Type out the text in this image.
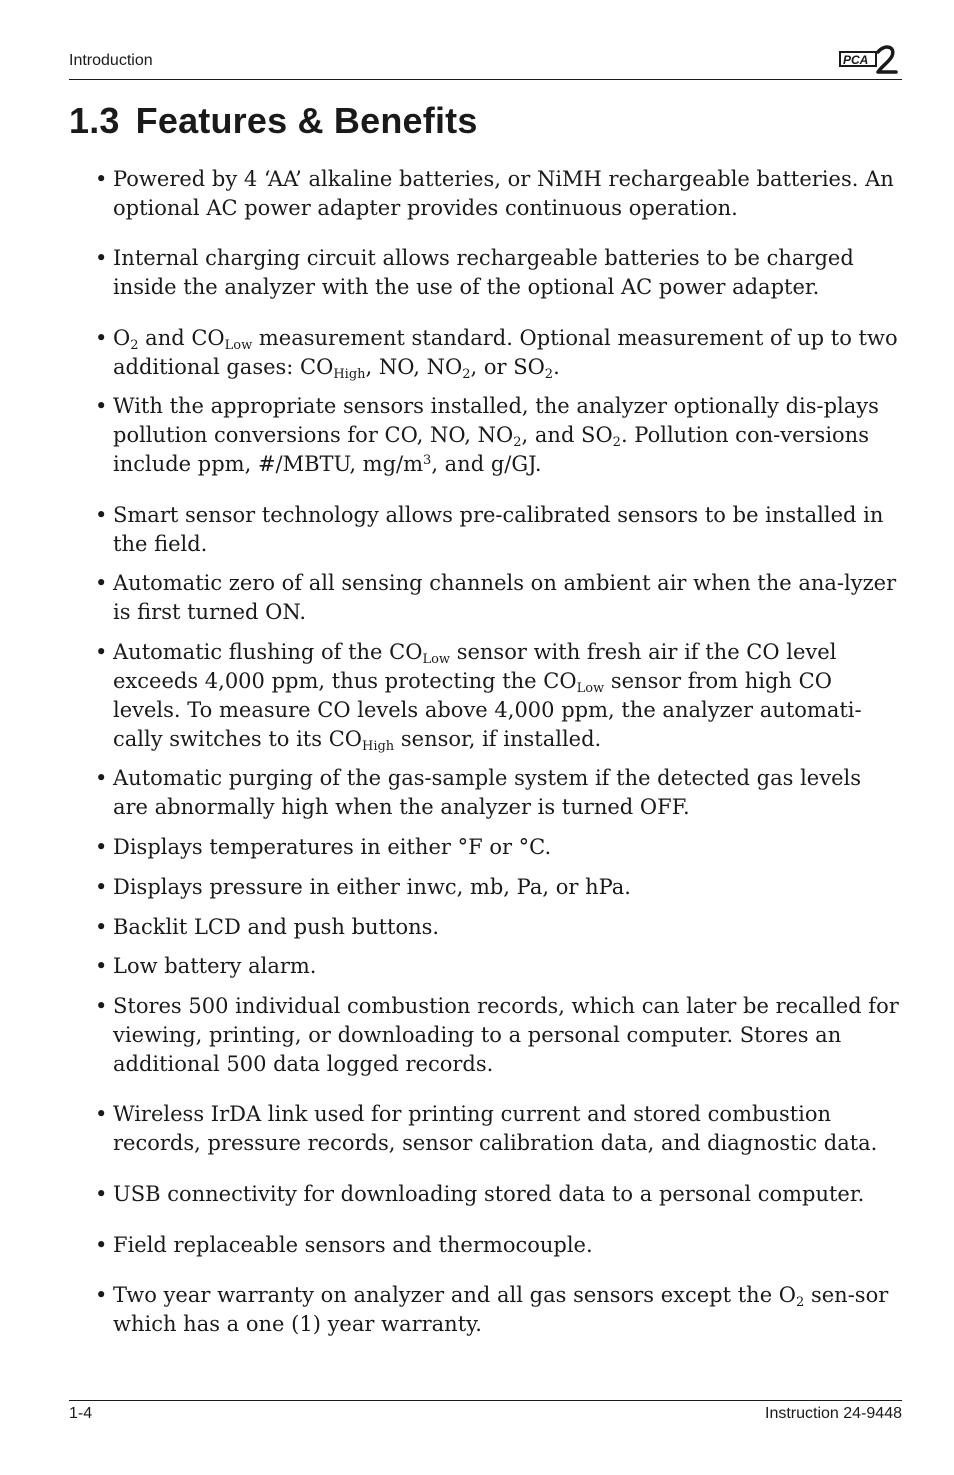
Introduction	PCA
1.3 Features & Benefits
• Powered by 4 ‘AA’ alkaline batteries, or NiMH rechargeable batteries. An optional AC power adapter provides continuous operation.
• Internal charging circuit allows rechargeable batteries to be charged inside the analyzer with the use of the optional AC power adapter.
• $O_2$ and $CO_{Low}$ measurement standard. Optional measurement of up to two additional gases: $CO_{High}$, NO, $NO_2$, or $SO_2$.
• With the appropriate sensors installed, the analyzer optionally dis-plays pollution conversions for CO, NO, $NO_2$, and $SO_2$. Pollution con-versions include ppm, #/MBTU, $mg/m^3$, and g/GJ.
• Smart sensor technology allows pre-calibrated sensors to be installed in the field.
• Automatic zero of all sensing channels on ambient air when the ana-lyzer is first turned ON.
• Automatic flushing of the $CO_{Low}$ sensor with fresh air if the CO level exceeds 4,000 ppm, thus protecting the $CO_{Low}$ sensor from high CO levels. To measure CO levels above 4,000 ppm, the analyzer automati-cally switches to its $CO_{High}$ sensor, if installed.
• Automatic purging of the gas-sample system if the detected gas levels are abnormally high when the analyzer is turned OFF.
• Displays temperatures in either °F or °C.
• Displays pressure in either inwc, mb, Pa, or hPa.
• Backlit LCD and push buttons.
• Low battery alarm.
• Stores 500 individual combustion records, which can later be recalled for viewing, printing, or downloading to a personal computer. Stores an additional 500 data logged records.
• Wireless IrDA link used for printing current and stored combustion records, pressure records, sensor calibration data, and diagnostic data.
• USB connectivity for downloading stored data to a personal computer.
• Field replaceable sensors and thermocouple.
• Two year warranty on analyzer and all gas sensors except the $O_2$ sen-sor which has a one (1) year warranty.
1-4	Instruction 24-9448
